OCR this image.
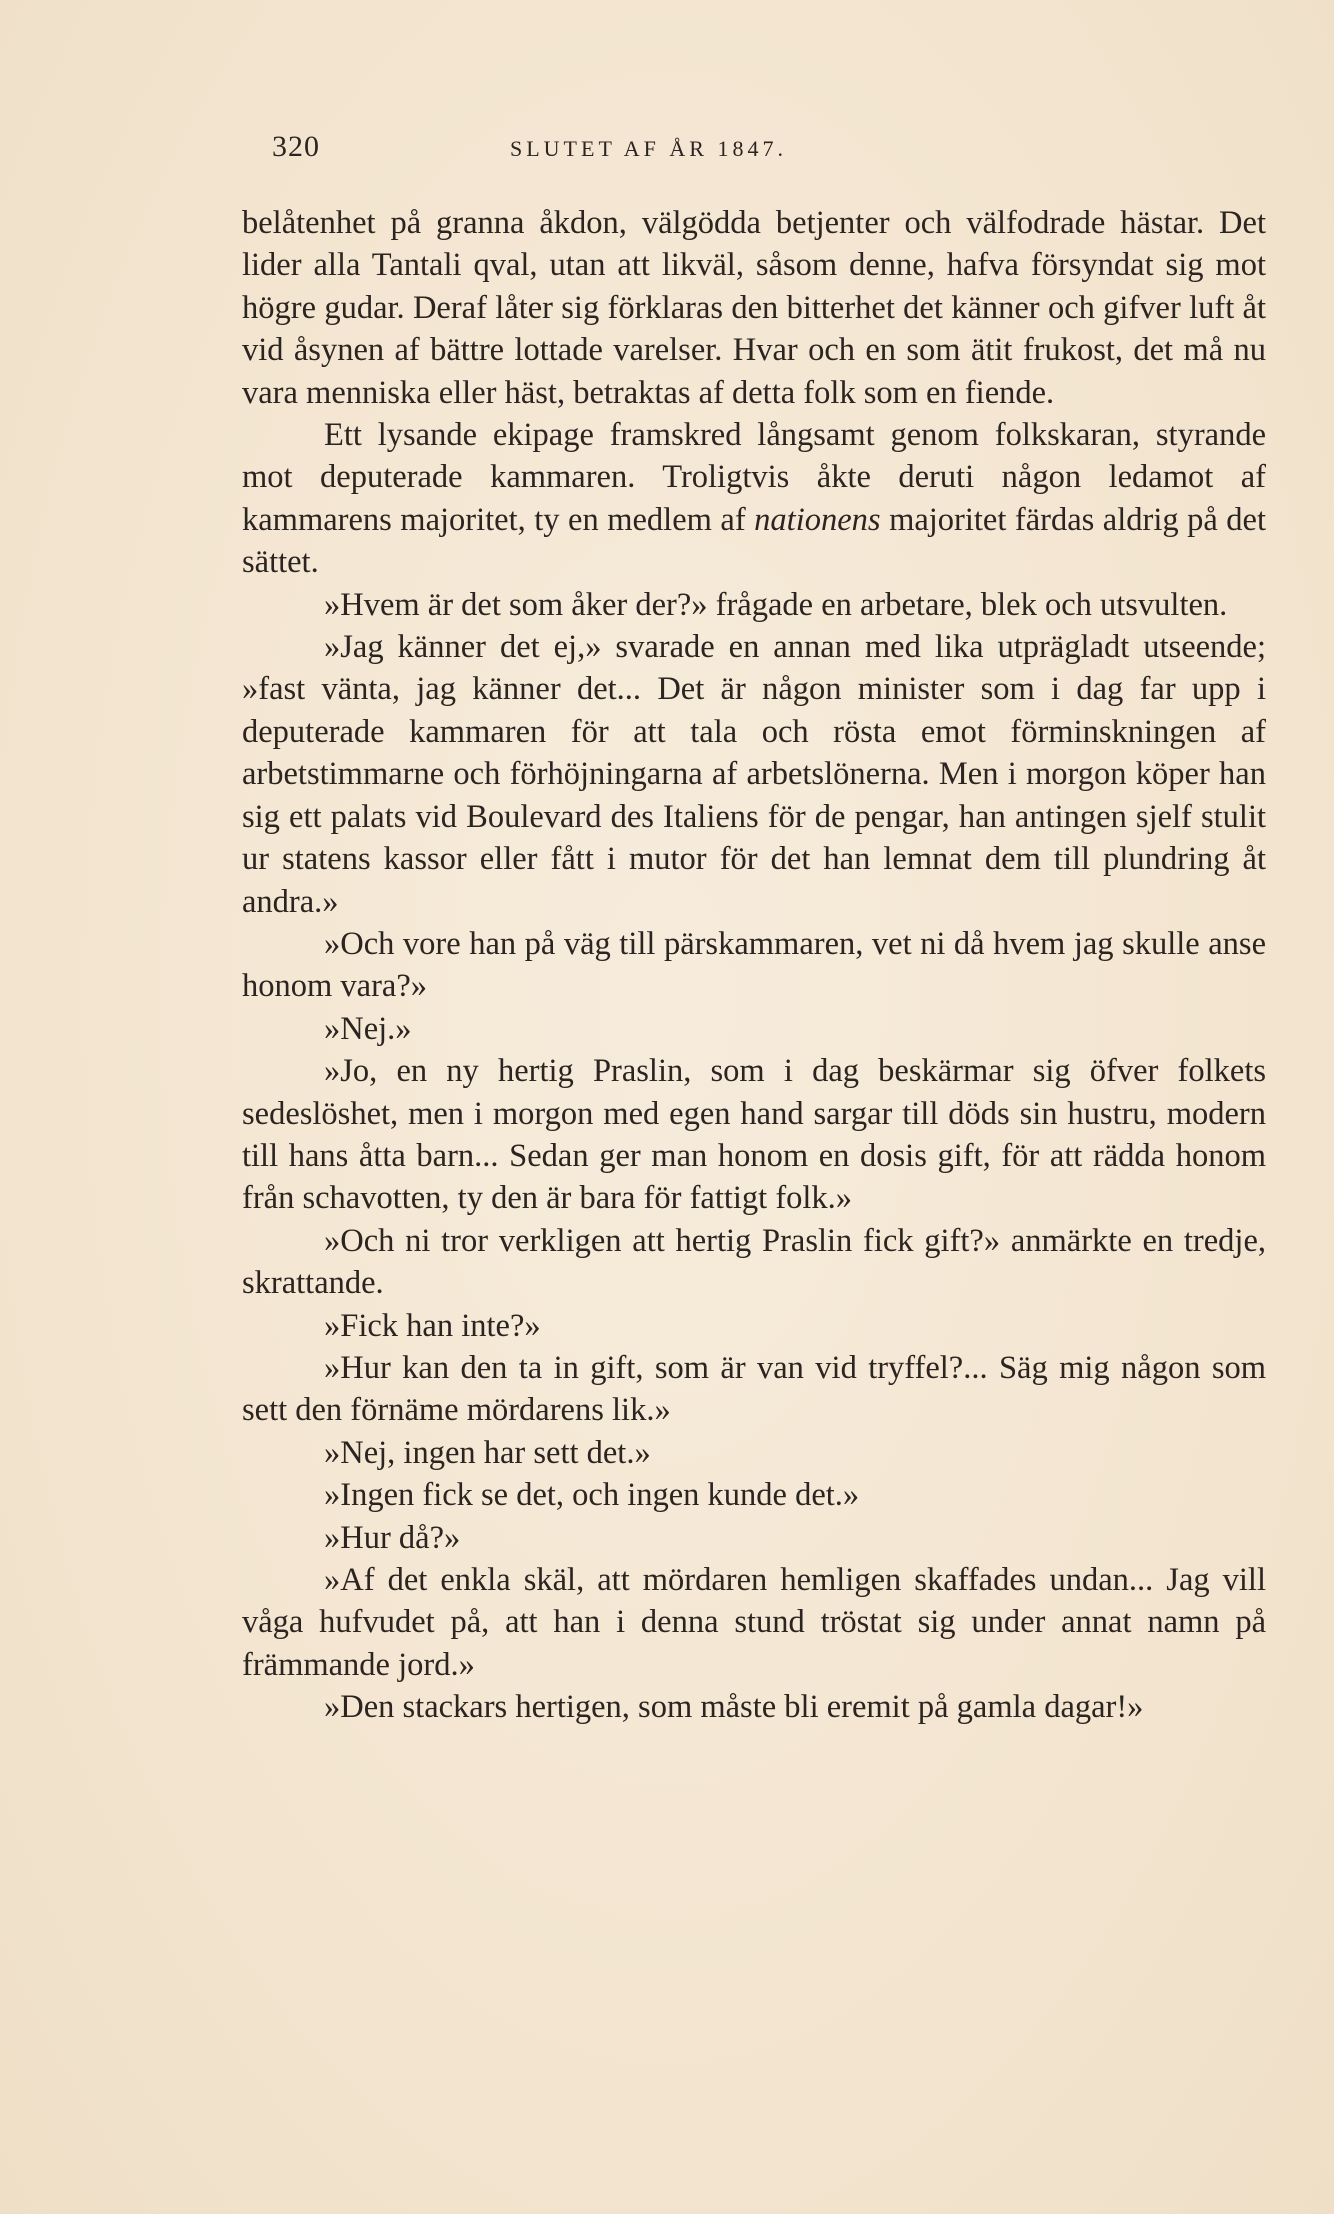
320	SLUTET AF ÅR 1847.

belåtenhet på granna åkdon, välgödda betjenter och välfodrade hästar. Det lider alla Tantali qval, utan att likväl, såsom denne, hafva försyndat sig mot högre gudar. Deraf låter sig förklaras den bitterhet det känner och gifver luft åt vid åsynen af bättre lottade varelser. Hvar och en som ätit frukost, det må nu vara menniska eller häst, betraktas af detta folk som en fiende.

Ett lysande ekipage framskred långsamt genom folkskaran, styrande mot deputerade kammaren. Troligtvis åkte deruti någon ledamot af kammarens majoritet, ty en medlem af nationens majoritet färdas aldrig på det sättet.

»Hvem är det som åker der?» frågade en arbetare, blek och utsvulten.

»Jag känner det ej,» svarade en annan med lika utprägladt utseende; »fast vänta, jag känner det... Det är någon minister som i dag far upp i deputerade kammaren för att tala och rösta emot förminskningen af arbetstimmarne och förhöjningarna af arbetslönerna. Men i morgon köper han sig ett palats vid Boulevard des Italiens för de pengar, han antingen sjelf stulit ur statens kassor eller fått i mutor för det han lemnat dem till plundring åt andra.»

»Och vore han på väg till pärskammaren, vet ni då hvem jag skulle anse honom vara?»

»Nej.»

»Jo, en ny hertig Praslin, som i dag beskärmar sig öfver folkets sedeslöshet, men i morgon med egen hand sargar till döds sin hustru, modern till hans åtta barn... Sedan ger man honom en dosis gift, för att rädda honom från schavotten, ty den är bara för fattigt folk.»

»Och ni tror verkligen att hertig Praslin fick gift?» anmärkte en tredje, skrattande.

»Fick han inte?»

»Hur kan den ta in gift, som är van vid tryffel?... Säg mig någon som sett den förnäme mördarens lik.»

»Nej, ingen har sett det.»

»Ingen fick se det, och ingen kunde det.»

»Hur då?»

»Af det enkla skäl, att mördaren hemligen skaffades undan... Jag vill våga hufvudet på, att han i denna stund tröstat sig under annat namn på främmande jord.»

»Den stackars hertigen, som måste bli eremit på gamla dagar!»
